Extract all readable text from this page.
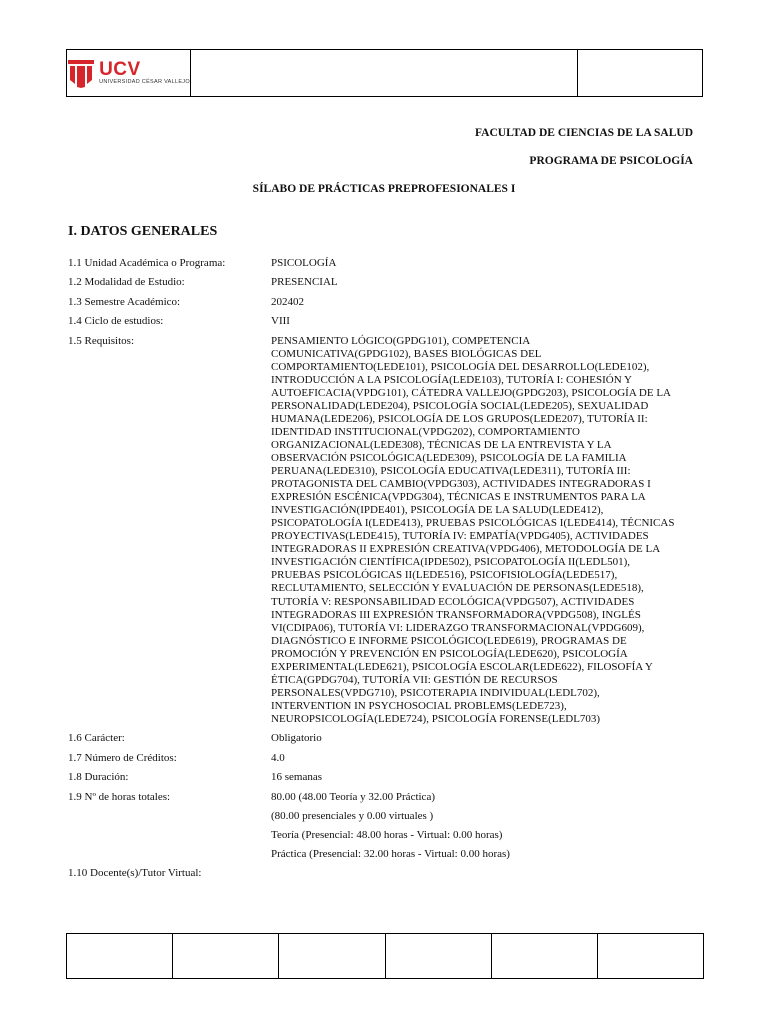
UCV
UNIVERSIDAD CÉSAR VALLEJO
FACULTAD DE CIENCIAS DE LA SALUD
PROGRAMA DE PSICOLOGÍA
SÍLABO DE PRÁCTICAS PREPROFESIONALES I
I. DATOS GENERALES
1.1 Unidad Académica o Programa:	PSICOLOGÍA
1.2 Modalidad de Estudio:	PRESENCIAL
1.3 Semestre Académico:	202402
1.4 Ciclo de estudios:	VIII
1.5 Requisitos:	PENSAMIENTO LÓGICO(GPDG101), COMPETENCIA

COMUNICATIVA(GPDG102), BASES BIOLÓGICAS DEL

COMPORTAMIENTO(LEDE101), PSICOLOGÍA DEL DESARROLLO(LEDE102),

INTRODUCCIÓN A LA PSICOLOGÍA(LEDE103), TUTORÍA I: COHESIÓN Y

AUTOEFICACIA(VPDG101), CÁTEDRA VALLEJO(GPDG203), PSICOLOGÍA DE LA

PERSONALIDAD(LEDE204), PSICOLOGÍA SOCIAL(LEDE205), SEXUALIDAD

HUMANA(LEDE206), PSICOLOGÍA DE LOS GRUPOS(LEDE207), TUTORÍA II:

IDENTIDAD INSTITUCIONAL(VPDG202), COMPORTAMIENTO

ORGANIZACIONAL(LEDE308), TÉCNICAS DE LA ENTREVISTA Y LA

OBSERVACIÓN PSICOLÓGICA(LEDE309), PSICOLOGÍA DE LA FAMILIA

PERUANA(LEDE310), PSICOLOGÍA EDUCATIVA(LEDE311), TUTORÍA III:

PROTAGONISTA DEL CAMBIO(VPDG303), ACTIVIDADES INTEGRADORAS I

EXPRESIÓN ESCÉNICA(VPDG304), TÉCNICAS E INSTRUMENTOS PARA LA

INVESTIGACIÓN(IPDE401), PSICOLOGÍA DE LA SALUD(LEDE412),

PSICOPATOLOGÍA I(LEDE413), PRUEBAS PSICOLÓGICAS I(LEDE414), TÉCNICAS

PROYECTIVAS(LEDE415), TUTORÍA IV: EMPATÍA(VPDG405), ACTIVIDADES

INTEGRADORAS II EXPRESIÓN CREATIVA(VPDG406), METODOLOGÍA DE LA

INVESTIGACIÓN CIENTÍFICA(IPDE502), PSICOPATOLOGÍA II(LEDL501),

PRUEBAS PSICOLÓGICAS II(LEDE516), PSICOFISIOLOGÍA(LEDE517),

RECLUTAMIENTO, SELECCIÓN Y EVALUACIÓN DE PERSONAS(LEDE518),

TUTORÍA V: RESPONSABILIDAD ECOLÓGICA(VPDG507), ACTIVIDADES

INTEGRADORAS III EXPRESIÓN TRANSFORMADORA(VPDG508), INGLÉS

VI(CDIPA06), TUTORÍA VI: LIDERAZGO TRANSFORMACIONAL(VPDG609),

DIAGNÓSTICO E INFORME PSICOLÓGICO(LEDE619), PROGRAMAS DE

PROMOCIÓN Y PREVENCIÓN EN PSICOLOGÍA(LEDE620), PSICOLOGÍA

EXPERIMENTAL(LEDE621), PSICOLOGÍA ESCOLAR(LEDE622), FILOSOFÍA Y

ÉTICA(GPDG704), TUTORÍA VII: GESTIÓN DE RECURSOS

PERSONALES(VPDG710), PSICOTERAPIA INDIVIDUAL(LEDL702),

INTERVENTION IN PSYCHOSOCIAL PROBLEMS(LEDE723),

NEUROPSICOLOGÍA(LEDE724), PSICOLOGÍA FORENSE(LEDL703)

1.6 Carácter:	Obligatorio
1.7 Número de Créditos:	4.0
1.8 Duración:	16 semanas
1.9 Nº de horas totales:	80.00 (48.00 Teoría y 32.00 Práctica)
(80.00 presenciales y 0.00 virtuales )
Teoría (Presencial: 48.00 horas - Virtual: 0.00 horas)
Práctica (Presencial: 32.00 horas - Virtual: 0.00 horas)
1.10 Docente(s)/Tutor Virtual:
